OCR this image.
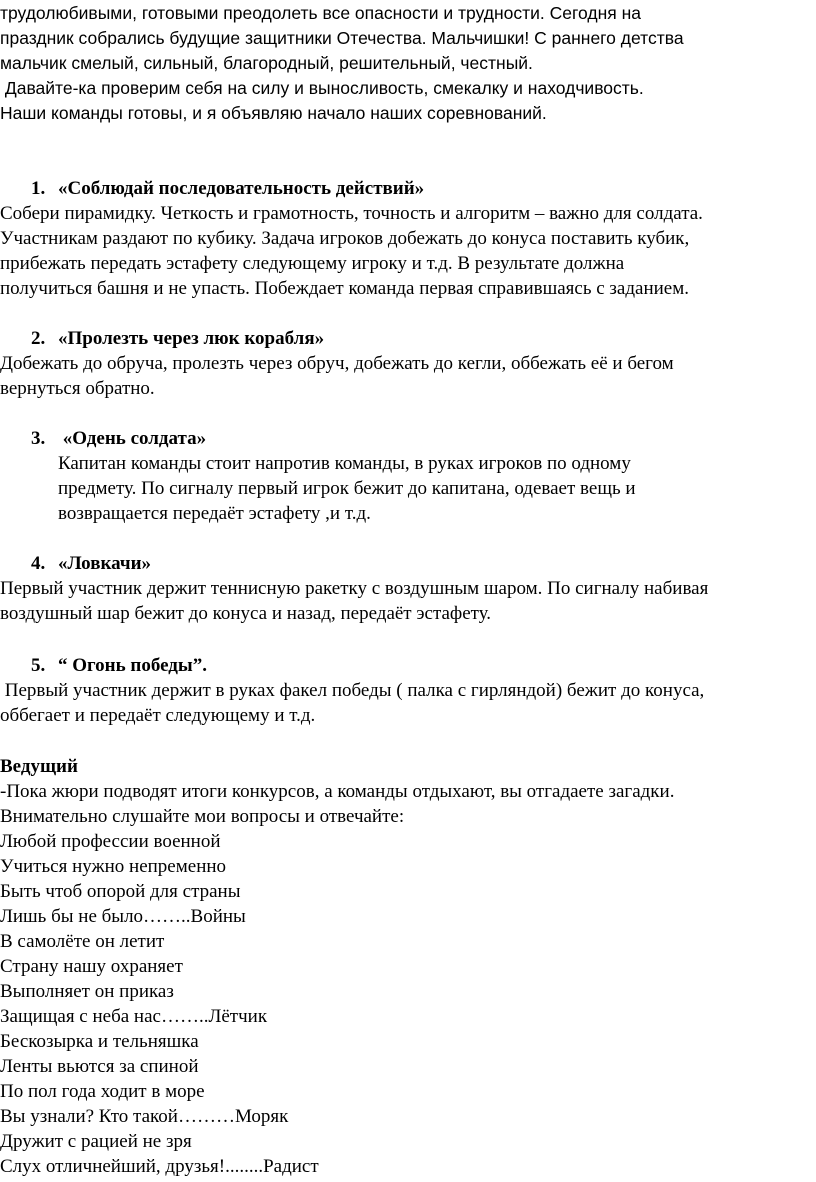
трудолюбивыми, готовыми преодолеть все опасности и трудности. Сегодня на
праздник собрались будущие защитники Отечества. Мальчишки! С раннего детства
мальчик смелый, сильный, благородный, решительный, честный.
Давайте-ка проверим себя на силу и выносливость, смекалку и находчивость.
Наши команды готовы, и я объявляю начало наших соревнований.
1. «Соблюдай последовательность действий»
Собери пирамидку. Четкость и грамотность, точность и алгоритм – важно для солдата.
Участникам раздают по кубику. Задача игроков добежать до конуса поставить кубик,
прибежать передать эстафету следующему игроку и т.д. В результате должна
получиться башня и не упасть. Побеждает команда первая справившаясь с заданием.
2. «Пролезть через люк корабля»
Добежать до обруча, пролезть через обруч, добежать до кегли, оббежать её и бегом
вернуться обратно.
3. «Одень солдата»
Капитан команды стоит напротив команды, в руках игроков по одному
предмету. По сигналу первый игрок бежит до капитана, одевает вещь и
возвращается передаёт эстафету ,и т.д.
4. «Ловкачи»
Первый участник держит теннисную ракетку с воздушным шаром. По сигналу набивая
воздушный шар бежит до конуса и назад, передаёт эстафету.
5. “ Огонь победы”.
Первый участник держит в руках факел победы ( палка с гирляндой) бежит до конуса,
оббегает и передаёт следующему и т.д.
Ведущий
-Пока жюри подводят итоги конкурсов, а команды отдыхают, вы отгадаете загадки.
Внимательно слушайте мои вопросы и отвечайте:
Любой профессии военной
Учиться нужно непременно
Быть чтоб опорой для страны
Лишь бы не было……..Войны
В самолёте он летит
Страну нашу охраняет
Выполняет он приказ
Защищая с неба нас……..Лётчик
Бескозырка и тельняшка
Ленты вьются за спиной
По пол года ходит в море
Вы узнали? Кто такой………Моряк
Дружит с рацией не зря
Слух отличнейший, друзья!........Радист
